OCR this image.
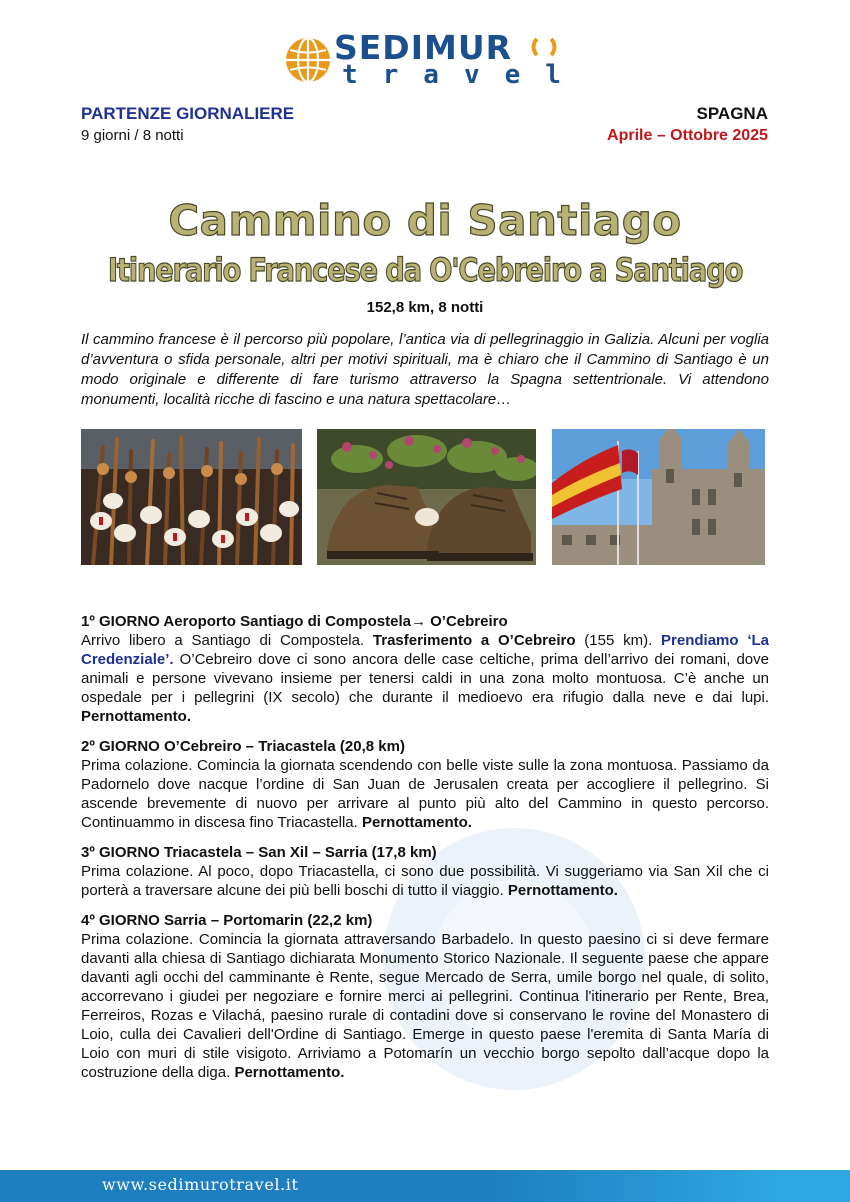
SEDIMUR
travel
PARTENZE GIORNALIERE
9 giorni / 8 notti
SPAGNA
Aprile – Ottobre 2025
Cammino di Santiago
Itinerario Francese da O'Cebreiro a Santiago
152,8 km, 8 notti
Il cammino francese è il percorso più popolare, l’antica via di pellegrinaggio in Galizia. Alcuni per voglia d’avventura o sfida personale, altri per motivi spirituali, ma è chiaro che il Cammino di Santiago è un modo originale e differente di fare turismo attraverso la Spagna settentrionale. Vi attendono monumenti, località ricche di fascino e una natura spettacolare…

1º GIORNO Aeroporto Santiago di Compostela→ O’Cebreiro

Arrivo libero a Santiago di Compostela. Trasferimento a O’Cebreiro (155 km). Prendiamo ‘La Credenziale’. O’Cebreiro dove ci sono ancora delle case celtiche, prima dell’arrivo dei romani, dove animali e persone vivevano insieme per tenersi caldi in una zona molto montuosa. C’è anche un ospedale per i pellegrini (IX secolo) che durante il medioevo era rifugio dalla neve e dai lupi. Pernottamento.

2º GIORNO O’Cebreiro – Triacastela (20,8 km)

Prima colazione. Comincia la giornata scendendo con belle viste sulle la zona montuosa. Passiamo da Padornelo dove nacque l’ordine di San Juan de Jerusalen creata per accogliere il pellegrino. Si ascende brevemente di nuovo per arrivare al punto più alto del Cammino in questo percorso. Continuammo in discesa fino Triacastella. Pernottamento.

3º GIORNO Triacastela – San Xil – Sarria (17,8 km)

Prima colazione. Al poco, dopo Triacastella, ci sono due possibilità. Vi suggeriamo via San Xil che ci porterà a traversare alcune dei più belli boschi di tutto il viaggio. Pernottamento.

4º GIORNO Sarria – Portomarin (22,2 km)

Prima colazione. Comincia la giornata attraversando Barbadelo. In questo paesino ci si deve fermare davanti alla chiesa di Santiago dichiarata Monumento Storico Nazionale. Il seguente paese che appare davanti agli occhi del camminante è Rente, segue Mercado de Serra, umile borgo nel quale, di solito, accorrevano i giudei per negoziare e fornire merci ai pellegrini. Continua l'itinerario per Rente, Brea, Ferreiros, Rozas e Vilachá, paesino rurale di contadini dove si conservano le rovine del Monastero di Loio, culla dei Cavalieri dell'Ordine di Santiago. Emerge in questo paese l'eremita di Santa María di Loio con muri di stile visigoto. Arriviamo a Potomarín un vecchio borgo sepolto dall’acque dopo la costruzione della diga. Pernottamento.

www.sedimurotravel.it
